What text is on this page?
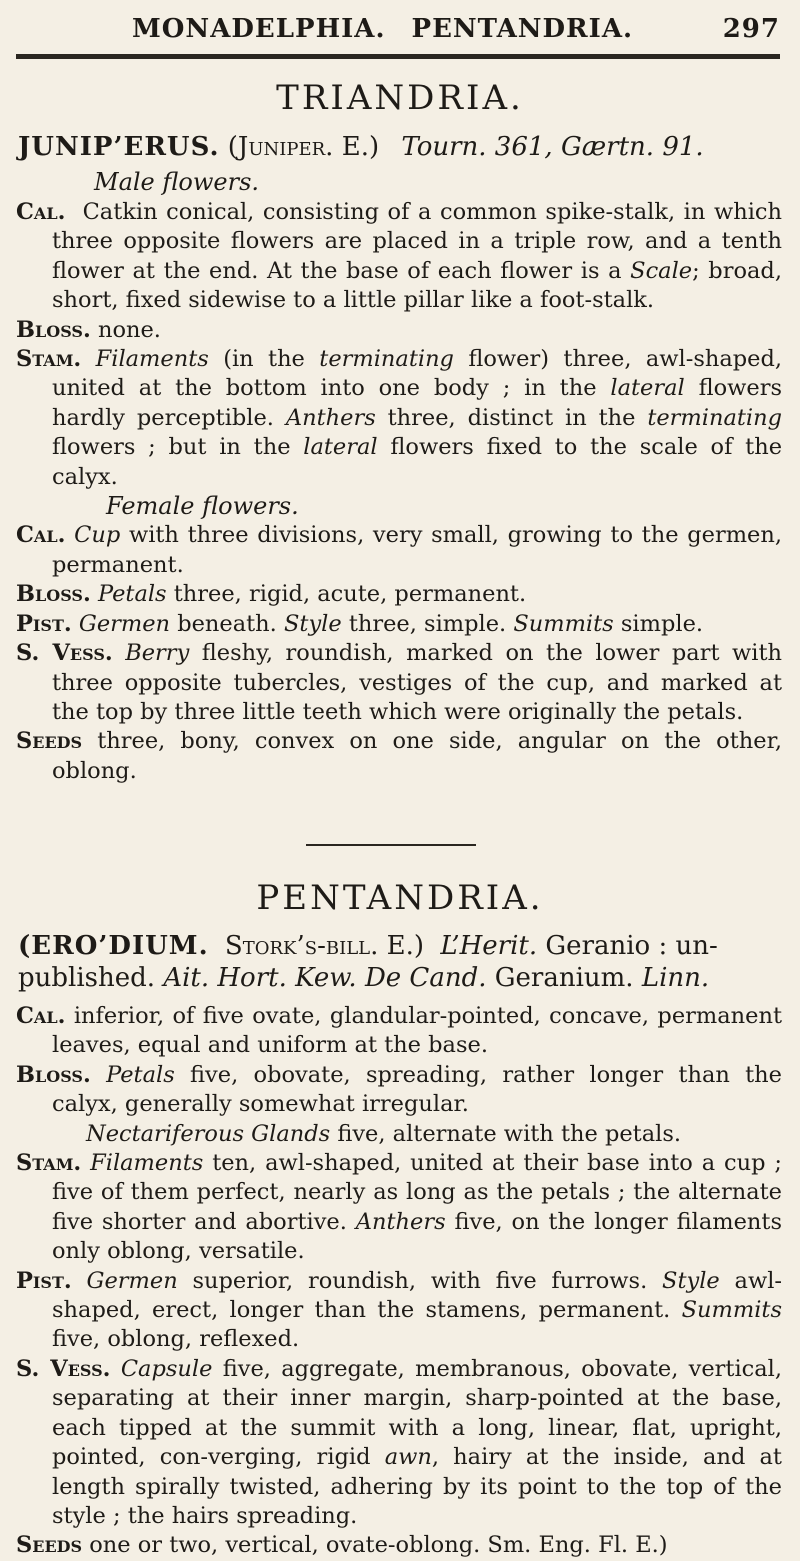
MONADELPHIA. PENTANDRIA.	297
TRIANDRIA.
JUNIP’ERUS. (Juniper. E.) Tourn. 361, Gærtn. 91.
Male flowers.
Cal. Catkin conical, consisting of a common spike-stalk, in which three opposite flowers are placed in a triple row, and a tenth flower at the end. At the base of each flower is a Scale; broad, short, fixed sidewise to a little pillar like a foot-stalk.
Bloss. none.
Stam. Filaments (in the terminating flower) three, awl-shaped, united at the bottom into one body ; in the lateral flowers hardly perceptible. Anthers three, distinct in the terminating flowers ; but in the lateral flowers fixed to the scale of the calyx.
Female flowers.
Cal. Cup with three divisions, very small, growing to the germen, permanent.
Bloss. Petals three, rigid, acute, permanent.
Pist. Germen beneath. Style three, simple. Summits simple.
S. Vess. Berry fleshy, roundish, marked on the lower part with three opposite tubercles, vestiges of the cup, and marked at the top by three little teeth which were originally the petals.
Seeds three, bony, convex on one side, angular on the other, oblong.
PENTANDRIA.
(ERO’DIUM. Stork’s-bill. E.) L’Herit. Geranio : un-published. Ait. Hort. Kew. De Cand. Geranium. Linn.
Cal. inferior, of five ovate, glandular-pointed, concave, permanent leaves, equal and uniform at the base.
Bloss. Petals five, obovate, spreading, rather longer than the calyx, generally somewhat irregular.
Nectariferous Glands five, alternate with the petals.
Stam. Filaments ten, awl-shaped, united at their base into a cup ; five of them perfect, nearly as long as the petals ; the alternate five shorter and abortive. Anthers five, on the longer filaments only oblong, versatile.
Pist. Germen superior, roundish, with five furrows. Style awl-shaped, erect, longer than the stamens, permanent. Summits five, oblong, reflexed.
S. Vess. Capsule five, aggregate, membranous, obovate, vertical, separating at their inner margin, sharp-pointed at the base, each tipped at the summit with a long, linear, flat, upright, pointed, con-verging, rigid awn, hairy at the inside, and at length spirally twisted, adhering by its point to the top of the style ; the hairs spreading.
Seeds one or two, vertical, ovate-oblong. Sm. Eng. Fl. E.)
